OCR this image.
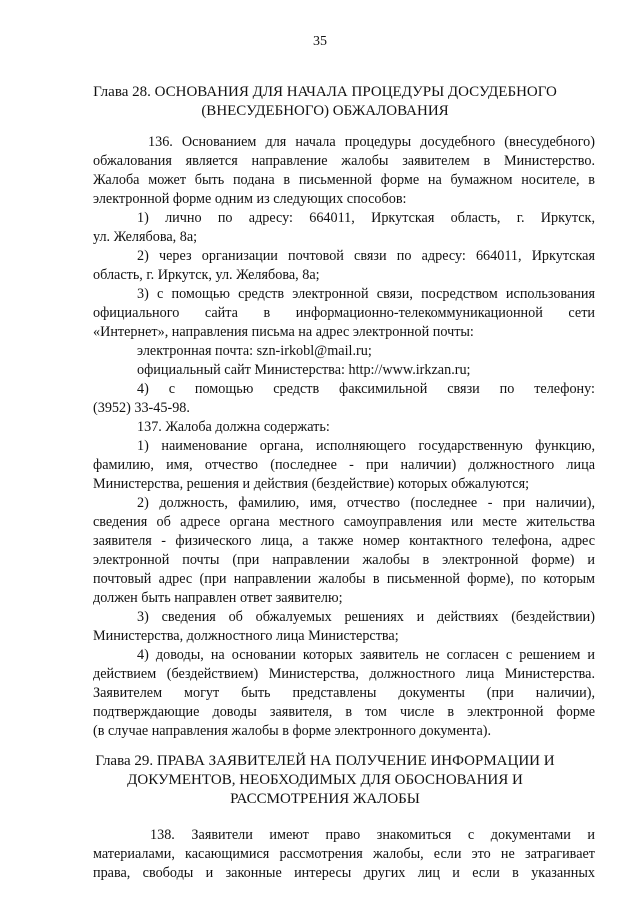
35
Глава 28. ОСНОВАНИЯ ДЛЯ НАЧАЛА ПРОЦЕДУРЫ ДОСУДЕБНОГО
(ВНЕСУДЕБНОГО) ОБЖАЛОВАНИЯ
136. Основанием для начала процедуры досудебного (внесудебного)
обжалования является направление жалобы заявителем в Министерство.
Жалоба может быть подана в письменной форме на бумажном носителе, в
электронной форме одним из следующих способов:
1) лично по адресу: 664011, Иркутская область, г. Иркутск,
ул. Желябова, 8а;
2) через организации почтовой связи по адресу: 664011, Иркутская
область, г. Иркутск, ул. Желябова, 8а;
3) с помощью средств электронной связи, посредством использования
официального сайта в информационно-телекоммуникационной сети
«Интернет», направления письма на адрес электронной почты:
электронная почта: szn-irkobl@mail.ru;
официальный сайт Министерства: http://www.irkzan.ru;
4) с помощью средств факсимильной связи по телефону:
(3952) 33-45-98.
137. Жалоба должна содержать:
1) наименование органа, исполняющего государственную функцию,
фамилию, имя, отчество (последнее - при наличии) должностного лица
Министерства, решения и действия (бездействие) которых обжалуются;
2) должность, фамилию, имя, отчество (последнее - при наличии),
сведения об адресе органа местного самоуправления или месте жительства
заявителя - физического лица, а также номер контактного телефона, адрес
электронной почты (при направлении жалобы в электронной форме) и
почтовый адрес (при направлении жалобы в письменной форме), по которым
должен быть направлен ответ заявителю;
3) сведения об обжалуемых решениях и действиях (бездействии)
Министерства, должностного лица Министерства;
4) доводы, на основании которых заявитель не согласен с решением и
действием (бездействием) Министерства, должностного лица Министерства.
Заявителем могут быть представлены документы (при наличии),
подтверждающие доводы заявителя, в том числе в электронной форме
(в случае направления жалобы в форме электронного документа).
Глава 29. ПРАВА ЗАЯВИТЕЛЕЙ НА ПОЛУЧЕНИЕ ИНФОРМАЦИИ И
ДОКУМЕНТОВ, НЕОБХОДИМЫХ ДЛЯ ОБОСНОВАНИЯ И
РАССМОТРЕНИЯ ЖАЛОБЫ
138. Заявители имеют право знакомиться с документами и
материалами, касающимися рассмотрения жалобы, если это не затрагивает
права, свободы и законные интересы других лиц и если в указанных
